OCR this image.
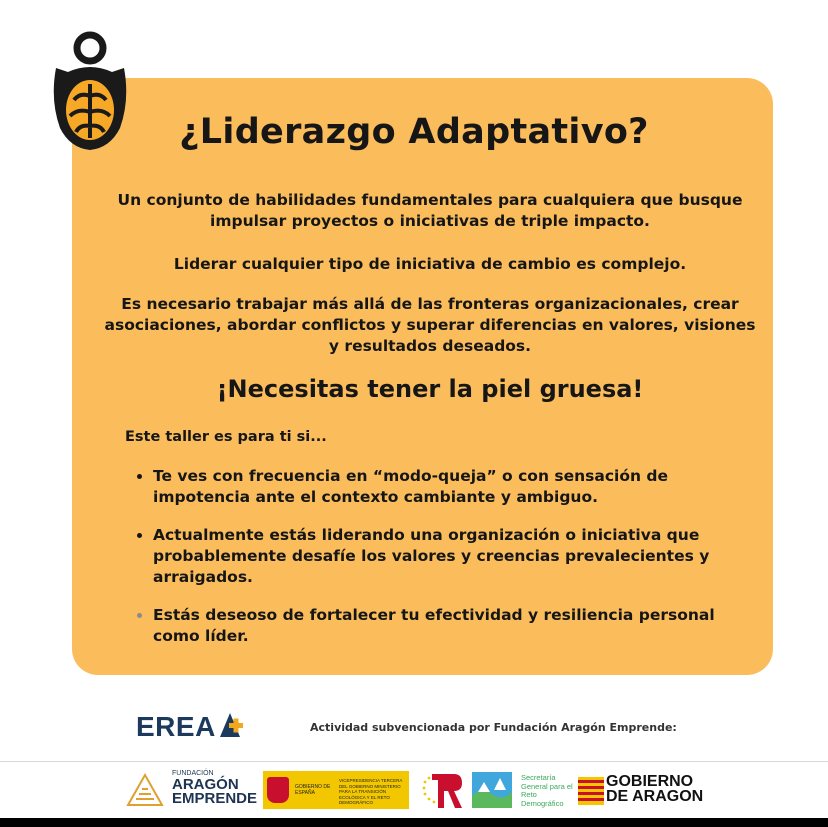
¿Liderazgo Adaptativo?
Un conjunto de habilidades fundamentales para cualquiera que busque impulsar proyectos o iniciativas de triple impacto.
Liderar cualquier tipo de iniciativa de cambio es complejo.
Es necesario trabajar más allá de las fronteras organizacionales, crear asociaciones, abordar conflictos y superar diferencias en valores, visiones y resultados deseados.
¡Necesitas tener la piel gruesa!
Este taller es para ti si...
Te ves con frecuencia en “modo-queja” o con sensación de impotencia ante el contexto cambiante y ambiguo.
Actualmente estás liderando una organización o iniciativa que probablemente desafíe los valores y creencias prevalecientes y arraigados.
Estás deseoso de fortalecer tu efectividad y resiliencia personal como líder.
EREA	Actividad subvencionada por Fundación Aragón Emprende:
FUNDACIÓN
ARAGÓN
EMPRENDE
GOBIERNO DE ESPAÑA
VICEPRESIDENCIA TERCERA DEL GOBIERNO MINISTERIO PARA LA TRANSICIÓN ECOLÓGICA Y EL RETO DEMOGRÁFICO
Secretaría General para el Reto Demográfico
GOBIERNO
DE ARAGON
